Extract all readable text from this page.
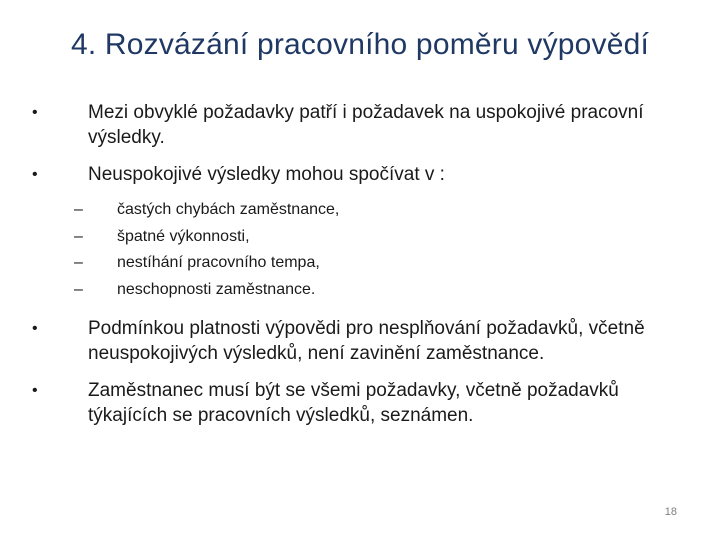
4. Rozvázání pracovního poměru výpovědí
•	Mezi obvyklé požadavky patří i požadavek na uspokojivé pracovní výsledky.
•	Neuspokojivé výsledky mohou spočívat v :
– častých chybách zaměstnance,
– špatné výkonnosti,
– nestíhání pracovního tempa,
– neschopnosti zaměstnance.
•	Podmínkou platnosti výpovědi pro nesplňování požadavků, včetně neuspokojivých výsledků, není zavinění zaměstnance.
•	Zaměstnanec musí být se všemi požadavky, včetně požadavků týkajících se pracovních výsledků, seznámen.
18
